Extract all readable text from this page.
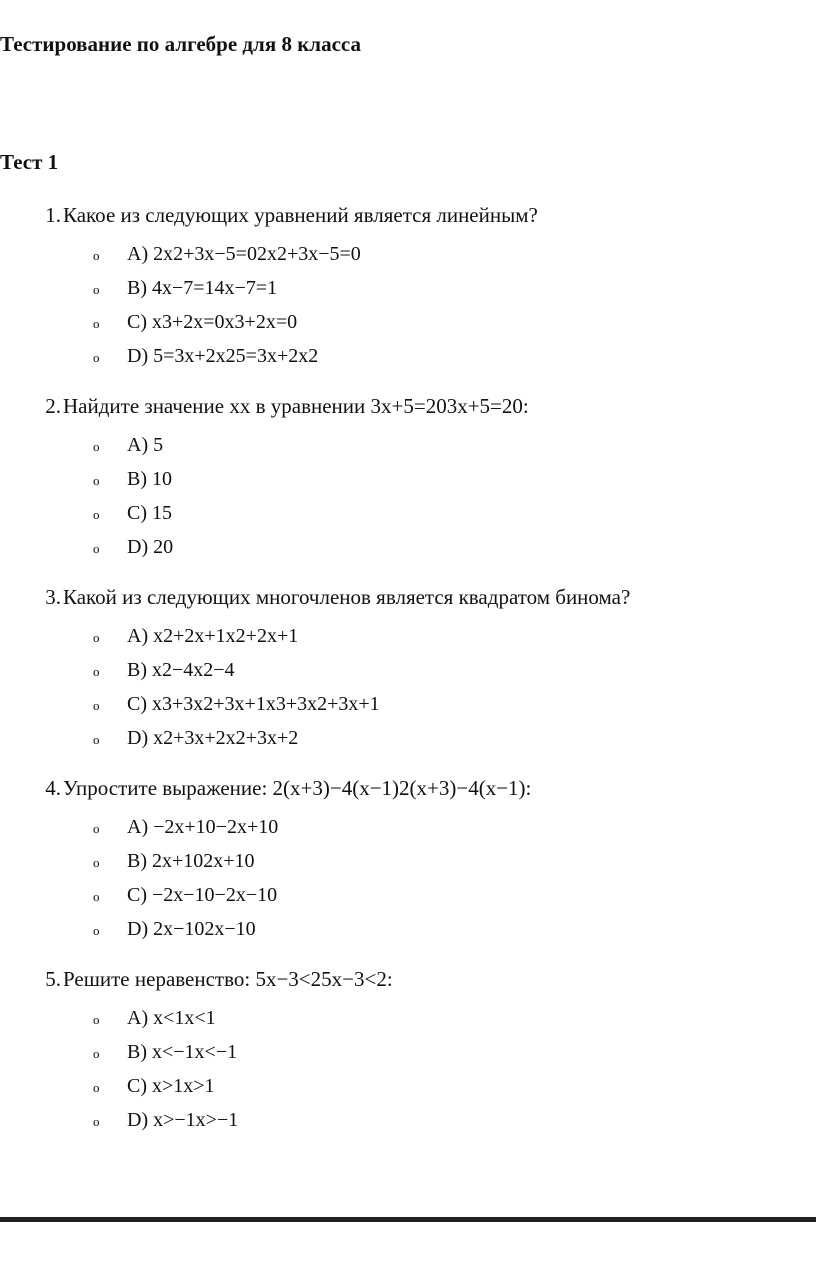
Тестирование по алгебре для 8 класса
Тест 1
1. Какое из следующих уравнений является линейным?
o	A) 2x2+3x−5=02x2+3x−5=0
o	B) 4x−7=14x−7=1
o	C) x3+2x=0x3+2x=0
o	D) 5=3x+2x25=3x+2x2
2. Найдите значение xx в уравнении 3x+5=203x+5=20:
o	A) 5
o	B) 10
o	C) 15
o	D) 20
3. Какой из следующих многочленов является квадратом бинома?
o	A) x2+2x+1x2+2x+1
o	B) x2−4x2−4
o	C) x3+3x2+3x+1x3+3x2+3x+1
o	D) x2+3x+2x2+3x+2
4. Упростите выражение: 2(x+3)−4(x−1)2(x+3)−4(x−1):
o	A) −2x+10−2x+10
o	B) 2x+102x+10
o	C) −2x−10−2x−10
o	D) 2x−102x−10
5. Решите неравенство: 5x−3<25x−3<2:
o	A) x<1x<1
o	B) x<−1x<−1
o	C) x>1x>1
o	D) x>−1x>−1
